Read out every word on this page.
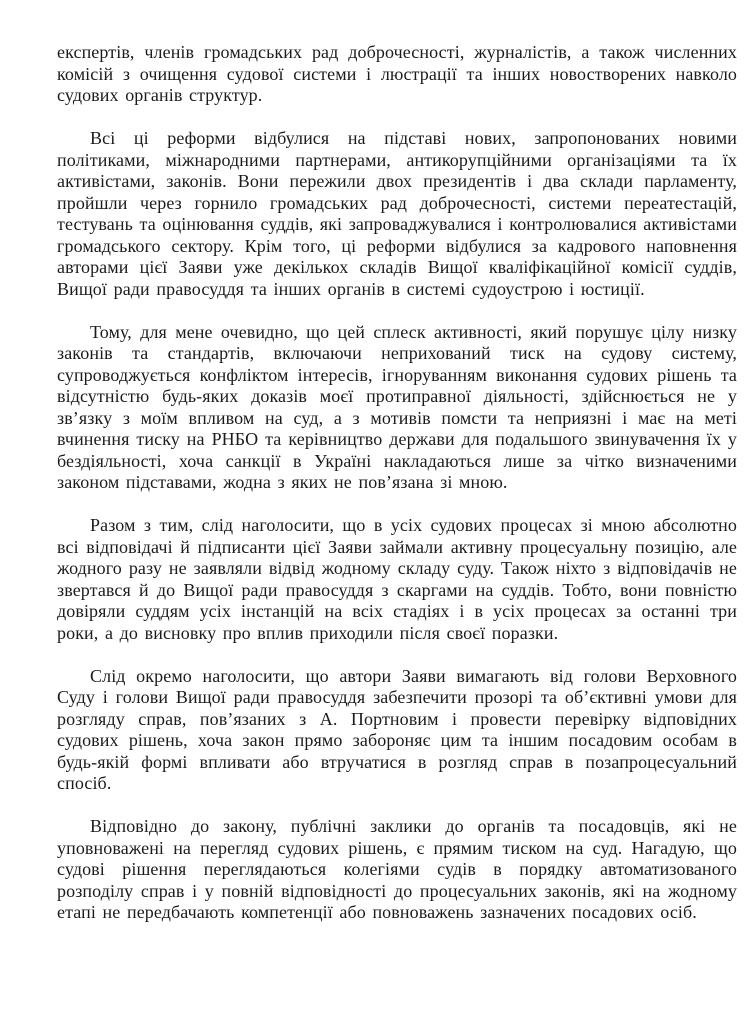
експертів, членів громадських рад доброчесності, журналістів, а також численних комісій з очищення судової системи і люстрації та інших новостворених навколо судових органів структур.

Всі ці реформи відбулися на підставі нових, запропонованих новими політиками, міжнародними партнерами, антикорупційними організаціями та їх активістами, законів. Вони пережили двох президентів і два склади парламенту, пройшли через горнило громадських рад доброчесності, системи переатестацій, тестувань та оцінювання суддів, які запроваджувалися і контролювалися активістами громадського сектору. Крім того, ці реформи відбулися за кадрового наповнення авторами цієї Заяви уже декількох складів Вищої кваліфікаційної комісії суддів, Вищої ради правосуддя та інших органів в системі судоустрою і юстиції.

Тому, для мене очевидно, що цей сплеск активності, який порушує цілу низку законів та стандартів, включаючи неприхований тиск на судову систему, супроводжується конфліктом інтересів, ігноруванням виконання судових рішень та відсутністю будь-яких доказів моєї протиправної діяльності, здійснюється не у зв’язку з моїм впливом на суд, а з мотивів помсти та неприязні і має на меті вчинення тиску на РНБО та керівництво держави для подальшого звинувачення їх у бездіяльності, хоча санкції в Україні накладаються лише за чітко визначеними законом підставами, жодна з яких не пов’язана зі мною.

Разом з тим, слід наголосити, що в усіх судових процесах зі мною абсолютно всі відповідачі й підписанти цієї Заяви займали активну процесуальну позицію, але жодного разу не заявляли відвід жодному складу суду. Також ніхто з відповідачів не звертався й до Вищої ради правосуддя з скаргами на суддів. Тобто, вони повністю довіряли суддям усіх інстанцій на всіх стадіях і в усіх процесах за останні три роки, а до висновку про вплив приходили після своєї поразки.

Слід окремо наголосити, що автори Заяви вимагають від голови Верховного Суду і голови Вищої ради правосуддя забезпечити прозорі та об’єктивні умови для розгляду справ, пов’язаних з А. Портновим і провести перевірку відповідних судових рішень, хоча закон прямо забороняє цим та іншим посадовим особам в будь-якій формі впливати або втручатися в розгляд справ в позапроцесуальний спосіб.

Відповідно до закону, публічні заклики до органів та посадовців, які не уповноважені на перегляд судових рішень, є прямим тиском на суд. Нагадую, що судові рішення переглядаються колегіями судів в порядку автоматизованого розподілу справ і у повній відповідності до процесуальних законів, які на жодному етапі не передбачають компетенції або повноважень зазначених посадових осіб.
